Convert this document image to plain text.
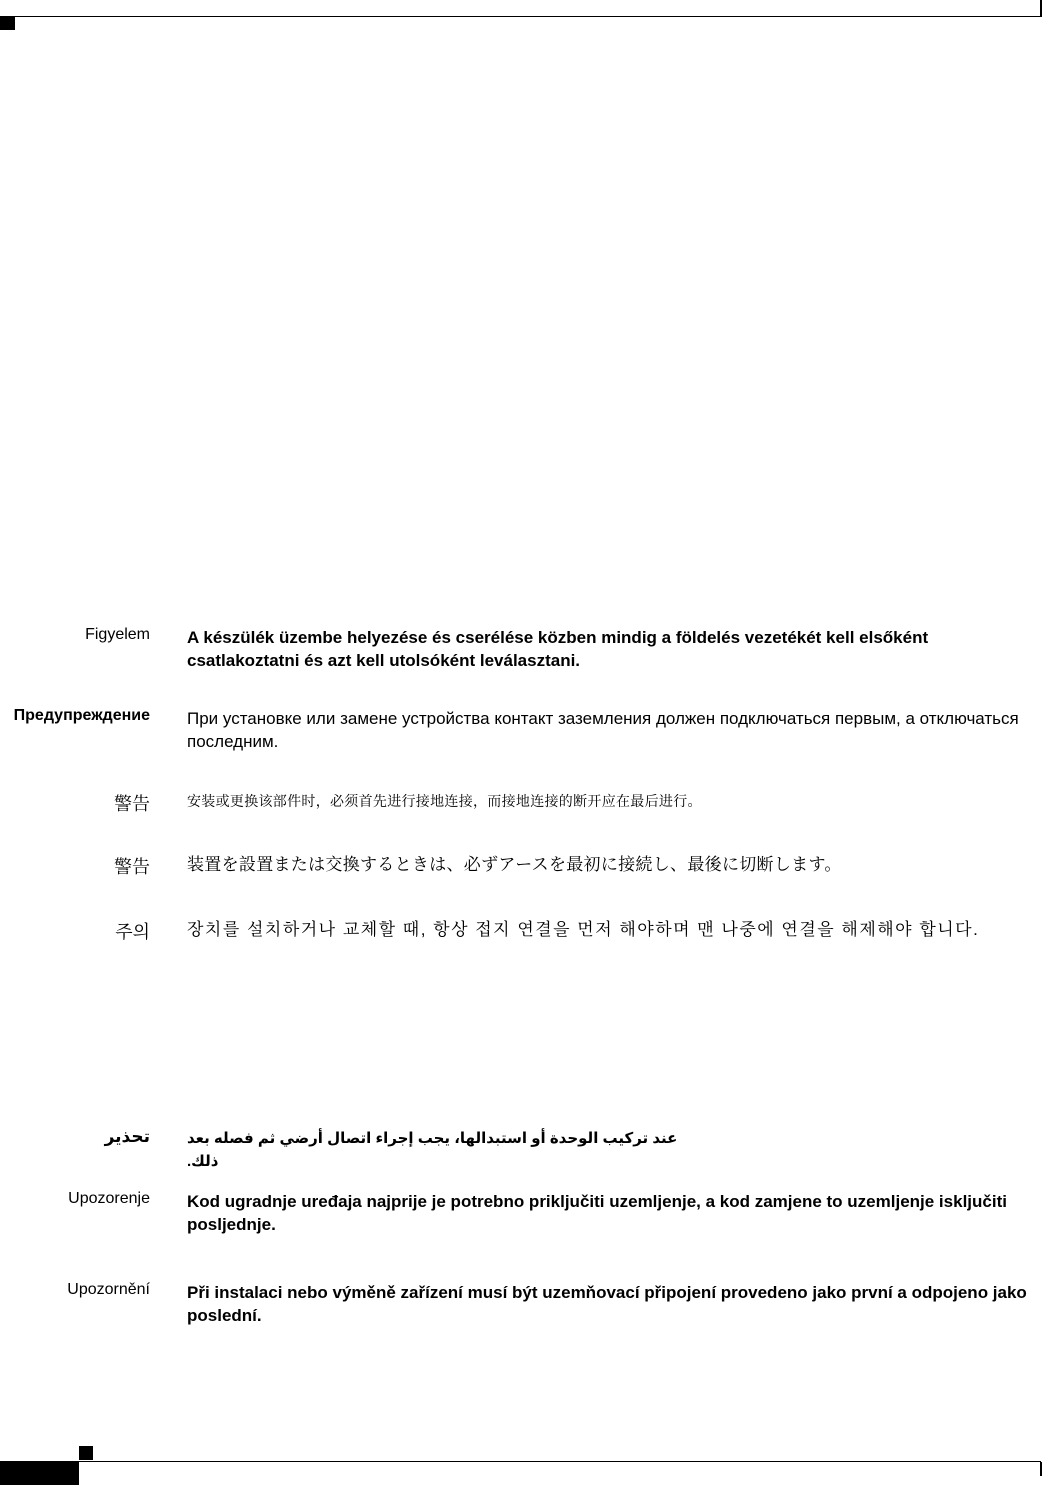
Figyelem A készülék üzembe helyezése és cserélése közben mindig a földelés vezetékét kell elsőként csatlakoztatni és azt kell utolsóként leválasztani.
Предупреждение При установке или замене устройства контакт заземления должен подключаться первым, а отключаться последним.
警告	安装或更换该部件时，必须首先进行接地连接，而接地连接的断开应在最后进行。
警告 装置を設置または交換するときは、必ずアースを最初に接続し、最後に切断します。
주의 장치를 설치하거나 교체할 때, 항상 접지 연결을 먼저 해야하며 맨 나중에 연결을 해제해야 합니다.
تحذير عند تركيب الوحدة أو استبدالها، يجب إجراء اتصال أرضي ثم فصله بعد ذلك.
Upozorenje Kod ugradnje uređaja najprije je potrebno priključiti uzemljenje, a kod zamjene to uzemljenje isključiti posljednje.
Upozornění Při instalaci nebo výměně zařízení musí být uzemňovací připojení provedeno jako první a odpojeno jako poslední.
